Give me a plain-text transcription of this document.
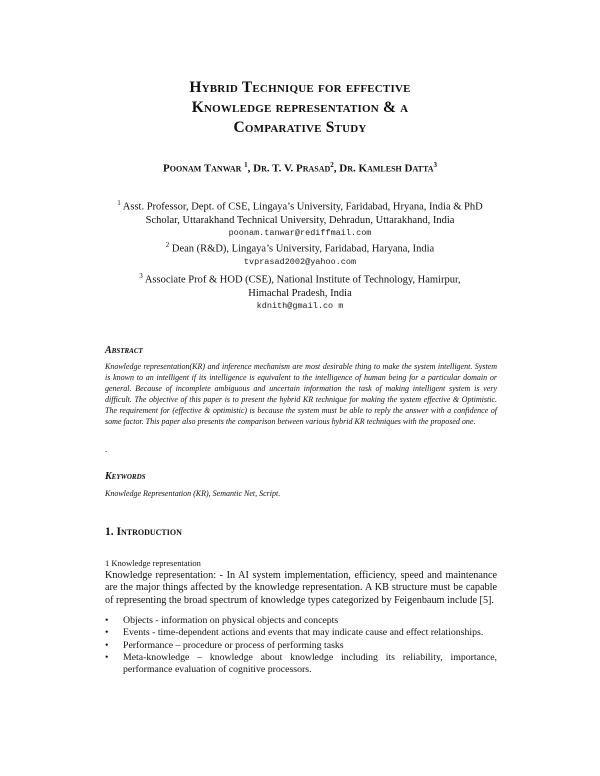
Hybrid Technique for effective
Knowledge representation & a
Comparative Study
Poonam Tanwar $^1$, Dr. T. V. Prasad$^2$, Dr. Kamlesh Datta$^3$
$^1$ Asst. Professor, Dept. of CSE, Lingaya’s University, Faridabad, Hryana, India & PhD
Scholar, Uttarakhand Technical University, Dehradun, Uttarakhand, India
poonam.tanwar@rediffmail.com
$^2$ Dean (R&D), Lingaya’s University, Faridabad, Haryana, India
tvprasad2002@yahoo.com
$^3$ Associate Prof & HOD (CSE), National Institute of Technology, Hamirpur,
Himachal Pradesh, India
kdnith@gmail.co m
Abstract
Knowledge representation(KR) and inference mechanism are most desirable thing to make the system intelligent. System is known to an intelligent if its intelligence is equivalent to the intelligence of human being for a particular domain or general. Because of incomplete ambiguous and uncertain information the task of making intelligent system is very difficult. The objective of this paper is to present the hybrid KR technique for making the system effective & Optimistic. The requirement for (effective & optimistic) is because the system must be able to reply the answer with a confidence of some factor. This paper also presents the comparison between various hybrid KR techniques with the proposed one.
.
Keywords
Knowledge Representation (KR), Semantic Net, Script.
1. Introduction
1 Knowledge representation
Knowledge representation: - In AI system implementation, efficiency, speed and maintenance are the major things affected by the knowledge representation. A KB structure must be capable of representing the broad spectrum of knowledge types categorized by Feigenbaum include [5].
• Objects - information on physical objects and concepts
• Events - time-dependent actions and events that may indicate cause and effect relationships.
• Performance – procedure or process of performing tasks
• Meta-knowledge – knowledge about knowledge including its reliability, importance, performance evaluation of cognitive processors.
